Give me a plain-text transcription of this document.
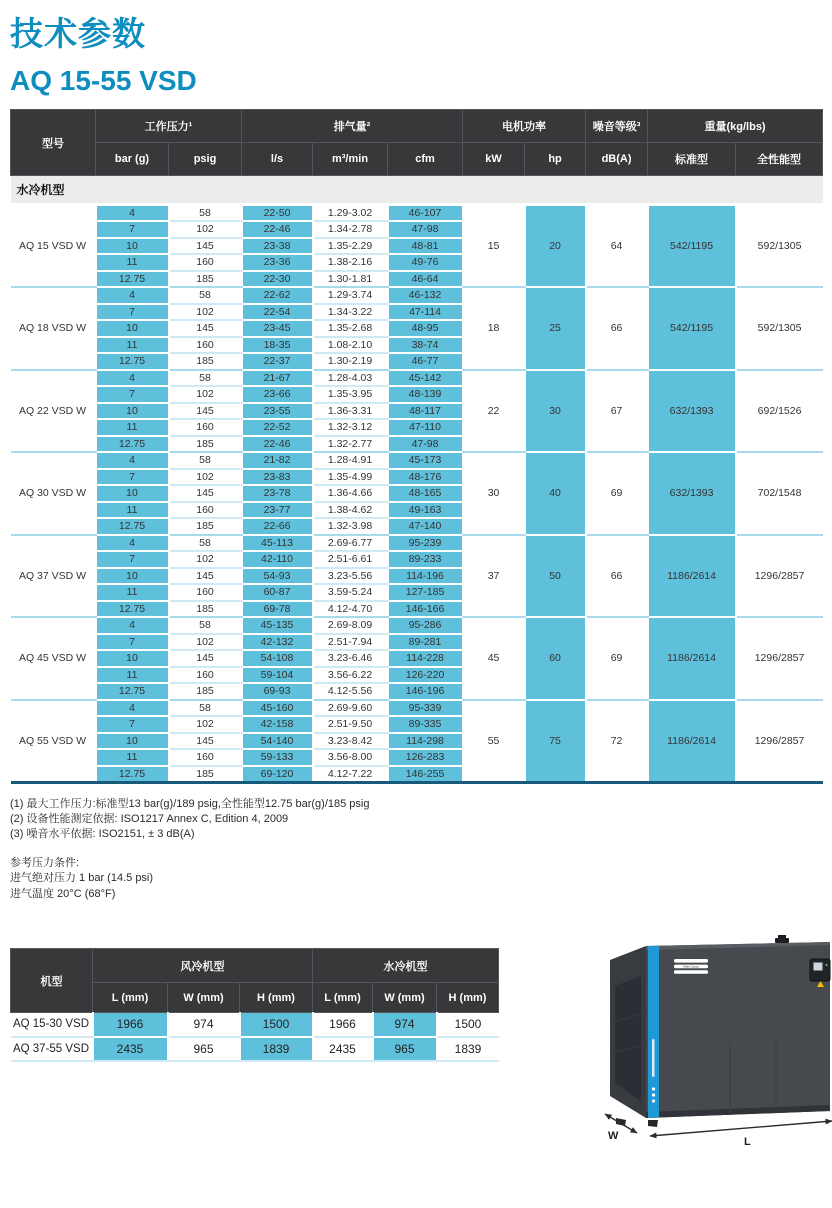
技术参数
AQ 15-55 VSD
型号	工作压力¹		排气量²			电机功率		噪音等级³	重量(kg/lbs)	
	bar (g)	psig	l/s	m³/min	cfm	kW	hp	dB(A)	标准型	全性能型
水冷机型										
AQ 15 VSD W	4	58	22-50	1.29-3.02	46-107	15	20	64	542/1195	592/1305
	7	102	22-46	1.34-2.78	47-98					
	10	145	23-38	1.35-2.29	48-81					
	11	160	23-36	1.38-2.16	49-76					
	12.75	185	22-30	1.30-1.81	46-64					
AQ 18 VSD W	4	58	22-62	1.29-3.74	46-132	18	25	66	542/1195	592/1305
	7	102	22-54	1.34-3.22	47-114					
	10	145	23-45	1.35-2.68	48-95					
	11	160	18-35	1.08-2.10	38-74					
	12.75	185	22-37	1.30-2.19	46-77					
AQ 22 VSD W	4	58	21-67	1.28-4.03	45-142	22	30	67	632/1393	692/1526
	7	102	23-66	1.35-3.95	48-139					
	10	145	23-55	1.36-3.31	48-117					
	11	160	22-52	1.32-3.12	47-110					
	12.75	185	22-46	1.32-2.77	47-98					
AQ 30 VSD W	4	58	21-82	1.28-4.91	45-173	30	40	69	632/1393	702/1548
	7	102	23-83	1.35-4.99	48-176					
	10	145	23-78	1.36-4.66	48-165					
	11	160	23-77	1.38-4.62	49-163					
	12.75	185	22-66	1.32-3.98	47-140					
AQ 37 VSD W	4	58	45-113	2.69-6.77	95-239	37	50	66	1186/2614	1296/2857
	7	102	42-110	2.51-6.61	89-233					
	10	145	54-93	3.23-5.56	114-196					
	11	160	60-87	3.59-5.24	127-185					
	12.75	185	69-78	4.12-4.70	146-166					
AQ 45 VSD W	4	58	45-135	2.69-8.09	95-286	45	60	69	1186/2614	1296/2857
	7	102	42-132	2.51-7.94	89-281					
	10	145	54-108	3.23-6.46	114-228					
	11	160	59-104	3.56-6.22	126-220					
	12.75	185	69-93	4.12-5.56	146-196					
AQ 55 VSD W	4	58	45-160	2.69-9.60	95-339	55	75	72	1186/2614	1296/2857
	7	102	42-158	2.51-9.50	89-335					
	10	145	54-140	3.23-8.42	114-298					
	11	160	59-133	3.56-8.00	126-283					
	12.75	185	69-120	4.12-7.22	146-255					
(1) 最大工作压力:标准型13 bar(g)/189 psig,全性能型12.75 bar(g)/185 psig
(2) 设备性能测定依据: ISO1217 Annex C, Edition 4, 2009
(3) 噪音水平依据: ISO2151, ± 3 dB(A)
参考压力条件:
进气绝对压力 1 bar (14.5 psi)
进气温度 20°C (68°F)
机型	风冷机型			水冷机型		
	L (mm)	W (mm)	H (mm)	L (mm)	W (mm)	H (mm)
AQ 15-30 VSD	1966	974	1500	1966	974	1500
AQ 37-55 VSD	2435	965	1839	2435	965	1839
Atlas Copco
W	L
